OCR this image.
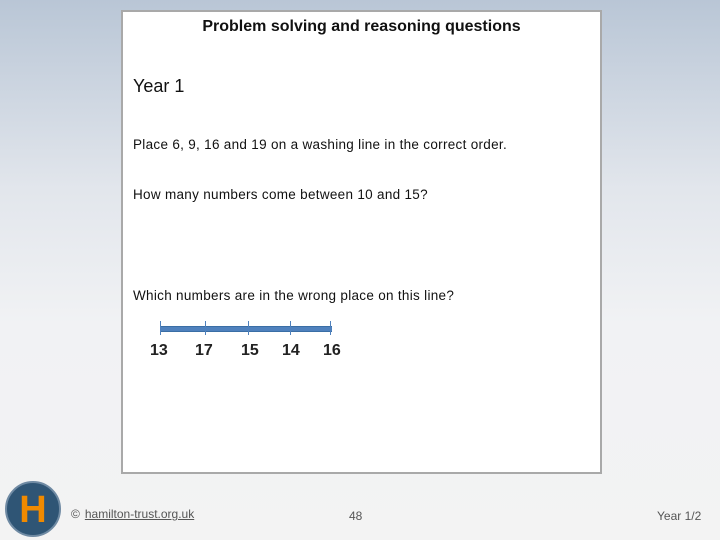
Problem solving and reasoning questions
Year 1
Place 6, 9, 16 and 19 on a washing line in the correct order.
How many numbers come between 10 and 15?
Which numbers are in the wrong place on this line?
13 17 15 14 16
H	© hamilton-trust.org.uk	48	Year 1/2
